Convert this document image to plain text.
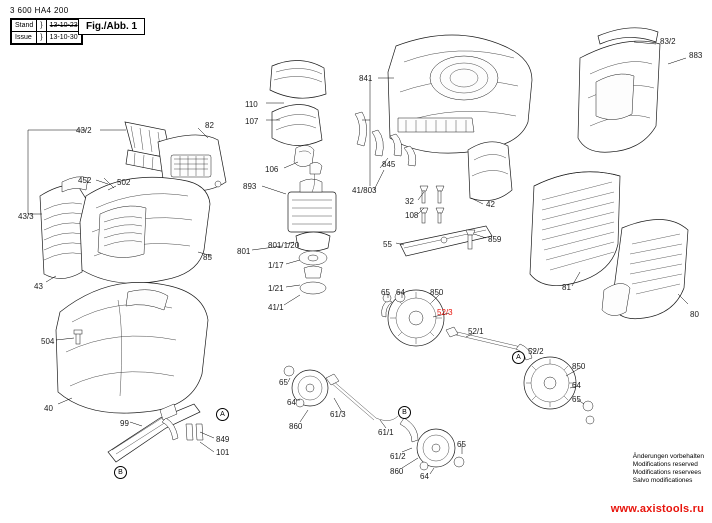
3 600 HA4 200
Stand	}	13-10-23
Issue	}	13-10-30
Fig./Abb. 1
43/2
82
110
107
841
83/2
883
452	502
106
893
845
41/803
42
43/3
32
108
801
801/1/20
1/17
1/21
41/1
55
859
85
43	81
80
65 64	850
52/3
52/1
52/2
850
64
65
504
40
99
849
101
65
64
860
61/3
61/1
61/2
860
64
65
A
B
A
B
Änderungen vorbehalten
Modifications reserved
Modifications reservees
Salvo modificationes
www.axistools.ru
